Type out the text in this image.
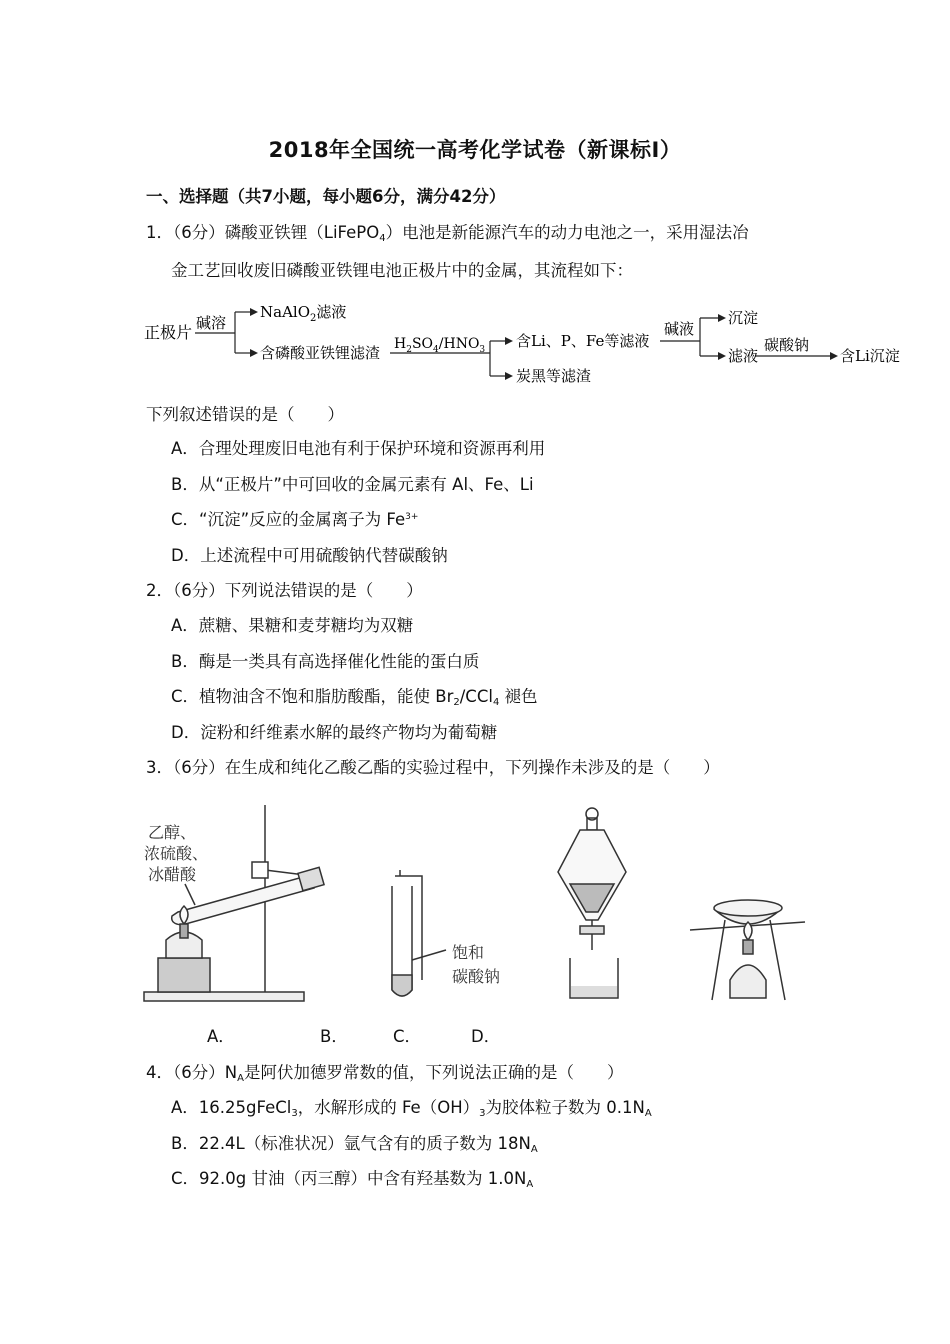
2018年全国统一高考化学试卷（新课标Ⅰ）
一、选择题（共7小题，每小题6分，满分42分）
1．（6分）磷酸亚铁锂（LiFePO$_4$）电池是新能源汽车的动力电池之一，采用湿法冶
金工艺回收废旧磷酸亚铁锂电池正极片中的金属，其流程如下：
正极片 碱溶
NaAlO$_2$滤液
含磷酸亚铁锂滤渣 $H_2SO_4/HNO_3$ 含Li、P、Fe等滤液
炭黑等滤渣
碱液
沉淀
滤液
碳酸钠
含Li沉淀
下列叙述错误的是（　　）
A．合理处理废旧电池有利于保护环境和资源再利用
B．从“正极片”中可回收的金属元素有 Al、Fe、Li
C．“沉淀”反应的金属离子为 $Fe^{3+}$
D．上述流程中可用硫酸钠代替碳酸钠
2．（6分）下列说法错误的是（　　）
A．蔗糖、果糖和麦芽糖均为双糖
B．酶是一类具有高选择催化性能的蛋白质
C．植物油含不饱和脂肪酸酯，能使 $Br_2/CCl_4$ 褪色
D．淀粉和纤维素水解的最终产物均为葡萄糖
3．（6分）在生成和纯化乙酸乙酯的实验过程中，下列操作未涉及的是（　　）
乙醇、
浓硫酸、
冰醋酸
饱和
碳酸钠
A．	B．	C．	D．
4．（6分）$N_A$是阿伏加德罗常数的值，下列说法正确的是（　　）
A．16.25gFeCl$_3$，水解形成的 $Fe(OH)_3$为胶体粒子数为 $0.1N_A$
B．22.4L（标准状况）氩气含有的质子数为 $18N_A$
C．92.0g 甘油（丙三醇）中含有羟基数为 $1.0N_A$
